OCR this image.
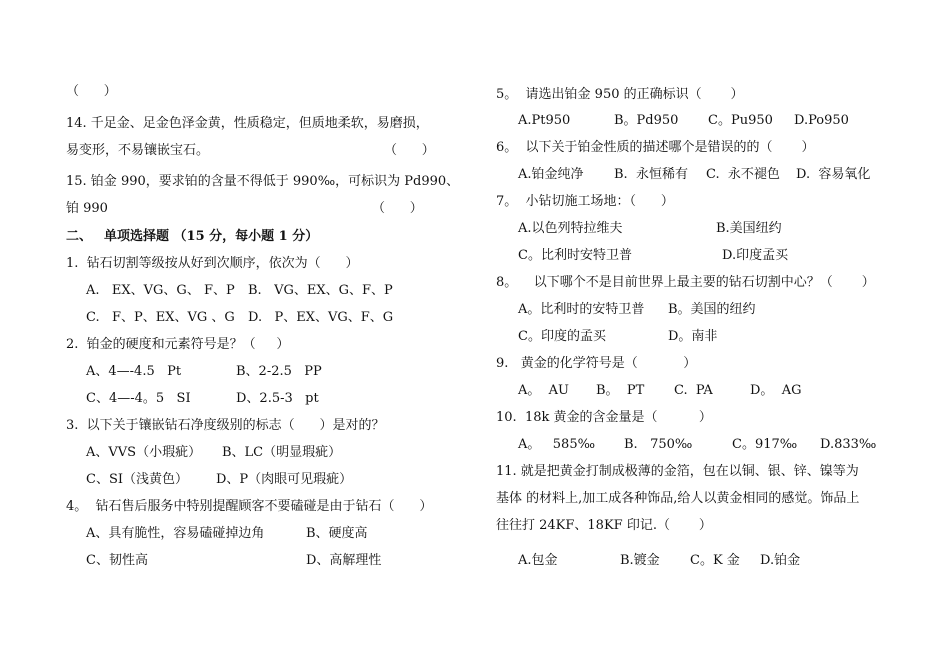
（      ）
14. 千足金、足金色泽金黄，性质稳定，但质地柔软，易磨损，
易变形，不易镶嵌宝石。	（      ）
15. 铂金 990，要求铂的含量不得低于 990‰，可标识为 Pd990、
铂 990	（      ）
二、 单项选择题 （15 分，每小题 1 分）
1.  钻石切割等级按从好到次顺序，依次为（      ）
A.   EX、VG、G、 F、P B.   VG、EX、G、F、P
C.   F、P、EX、VG 、G D.   P、EX、VG、F、G
2.  铂金的硬度和元素符号是？（     ）
A、4—-4.5   Pt	B、2-2.5   PP
C、4—-4。5   SI	D、2.5-3   pt
3.  以下关于镶嵌钻石净度级别的标志（      ）是对的？
A、VVS（小瑕疵） B、LC（明显瑕疵）
C、SI（浅黄色） D、P（肉眼可见瑕疵）
4。  钻石售后服务中特别提醒顾客不要磕碰是由于钻石（      ）
A、具有脆性，容易磕碰掉边角	B、硬度高
C、韧性高	D、高解理性
5。  请选出铂金 950 的正确标识（       ）
A.Pt950	B。Pd950 C。Pu950 D.Po950
6。  以下关于铂金性质的描述哪个是错误的的（       ）
A.铂金纯净 B.  永恒稀有 C.  永不褪色 D.  容易氧化
7。  小钻切施工场地：（      ）
A.以色列特拉维夫	B.美国纽约
C。比利时安特卫普	D.印度孟买
8。    以下哪个不是目前世界上最主要的钻石切割中心？（       ）
A。比利时的安特卫普 B。美国的纽约
C。印度的孟买	D。南非
9.   黄金的化学符号是（           ）
A。  AU B。  PT C.  PA	D。  AG
10.  18k 黄金的含金量是（          ）
A。   585‰ B.   750‰	C。917‰ D.833‰
11. 就是把黄金打制成极薄的金箔，包在以铜、银、锌、镍等为
基体 的材料上,加工成各种饰品,给人以黄金相同的感觉。饰品上
往往打 24KF、18KF 印记.（       ）
A.包金	B.镀金 C。K 金 D.铂金
